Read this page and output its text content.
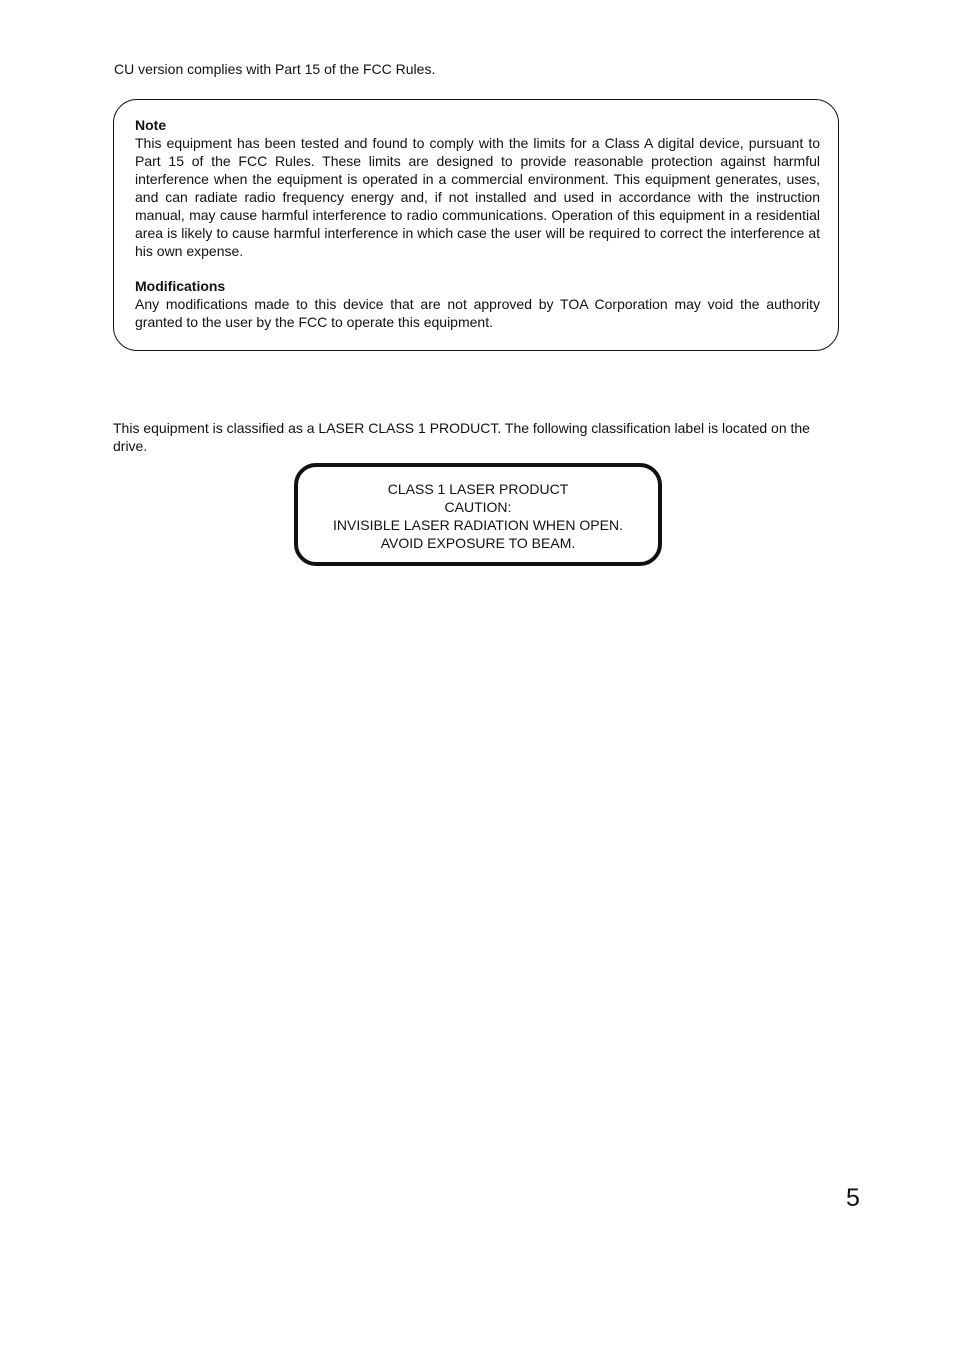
CU version complies with Part 15 of the FCC Rules.

Note

This equipment has been tested and found to comply with the limits for a Class A digital device, pursuant to Part 15 of the FCC Rules. These limits are designed to provide reasonable protection against harmful interference when the equipment is operated in a commercial environment. This equipment generates, uses, and can radiate radio frequency energy and, if not installed and used in accordance with the instruction manual, may cause harmful interference to radio communications. Operation of this equipment in a residential area is likely to cause harmful interference in which case the user will be required to correct the interference at his own expense.

Modifications

Any modifications made to this device that are not approved by TOA Corporation may void the authority granted to the user by the FCC to operate this equipment.

This equipment is classified as a LASER CLASS 1 PRODUCT. The following classification label is located on the drive.

CLASS 1 LASER PRODUCT
CAUTION:
INVISIBLE LASER RADIATION WHEN OPEN.
AVOID EXPOSURE TO BEAM.
5
